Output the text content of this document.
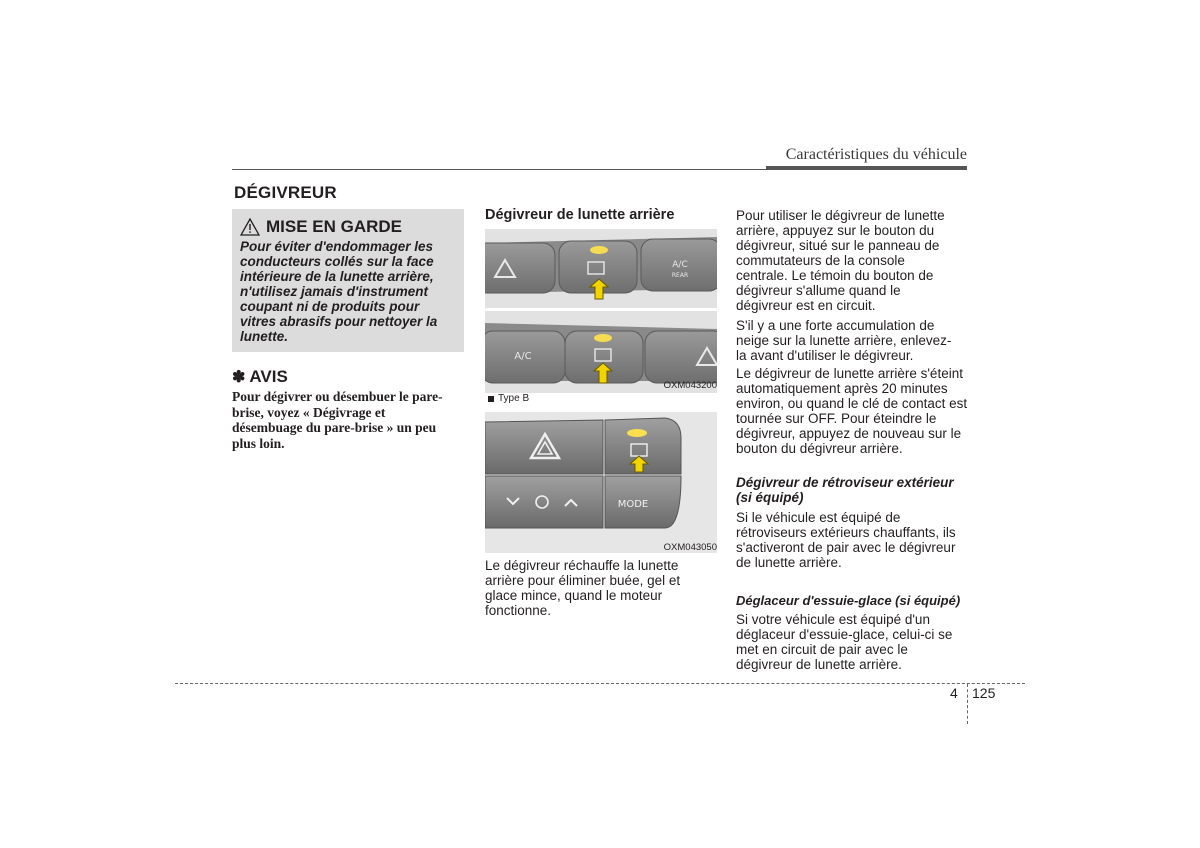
Caractéristiques du véhicule
DÉGIVREUR
MISE EN GARDE
Pour éviter d'endommager les
conducteurs collés sur la face
intérieure de la lunette arrière,
n'utilisez jamais d'instrument
coupant ni de produits pour
vitres abrasifs pour nettoyer la
lunette.
✽ AVIS
Pour dégivrer ou désembuer le pare-
brise, voyez « Dégivrage et
désembuage du pare-brise » un peu
plus loin.
Dégivreur de lunette arrière
A/C
REAR
A/C
OXM043200
Type B
MODE
OXM043050
Le dégivreur réchauffe la lunette
arrière pour éliminer buée, gel et
glace mince, quand le moteur
fonctionne.
Pour utiliser le dégivreur de lunette
arrière, appuyez sur le bouton du
dégivreur, situé sur le panneau de
commutateurs de la console
centrale. Le témoin du bouton de
dégivreur s'allume quand le
dégivreur est en circuit.
S'il y a une forte accumulation de
neige sur la lunette arrière, enlevez-
la avant d'utiliser le dégivreur.
Le dégivreur de lunette arrière s'éteint
automatiquement après 20 minutes
environ, ou quand le clé de contact est
tournée sur OFF. Pour éteindre le
dégivreur, appuyez de nouveau sur le
bouton du dégivreur arrière.
Dégivreur de rétroviseur extérieur
(si équipé)
Si le véhicule est équipé de
rétroviseurs extérieurs chauffants, ils
s'activeront de pair avec le dégivreur
de lunette arrière.
Déglaceur d'essuie-glace (si équipé)
Si votre véhicule est équipé d'un
déglaceur d'essuie-glace, celui-ci se
met en circuit de pair avec le
dégivreur de lunette arrière.
4 125
